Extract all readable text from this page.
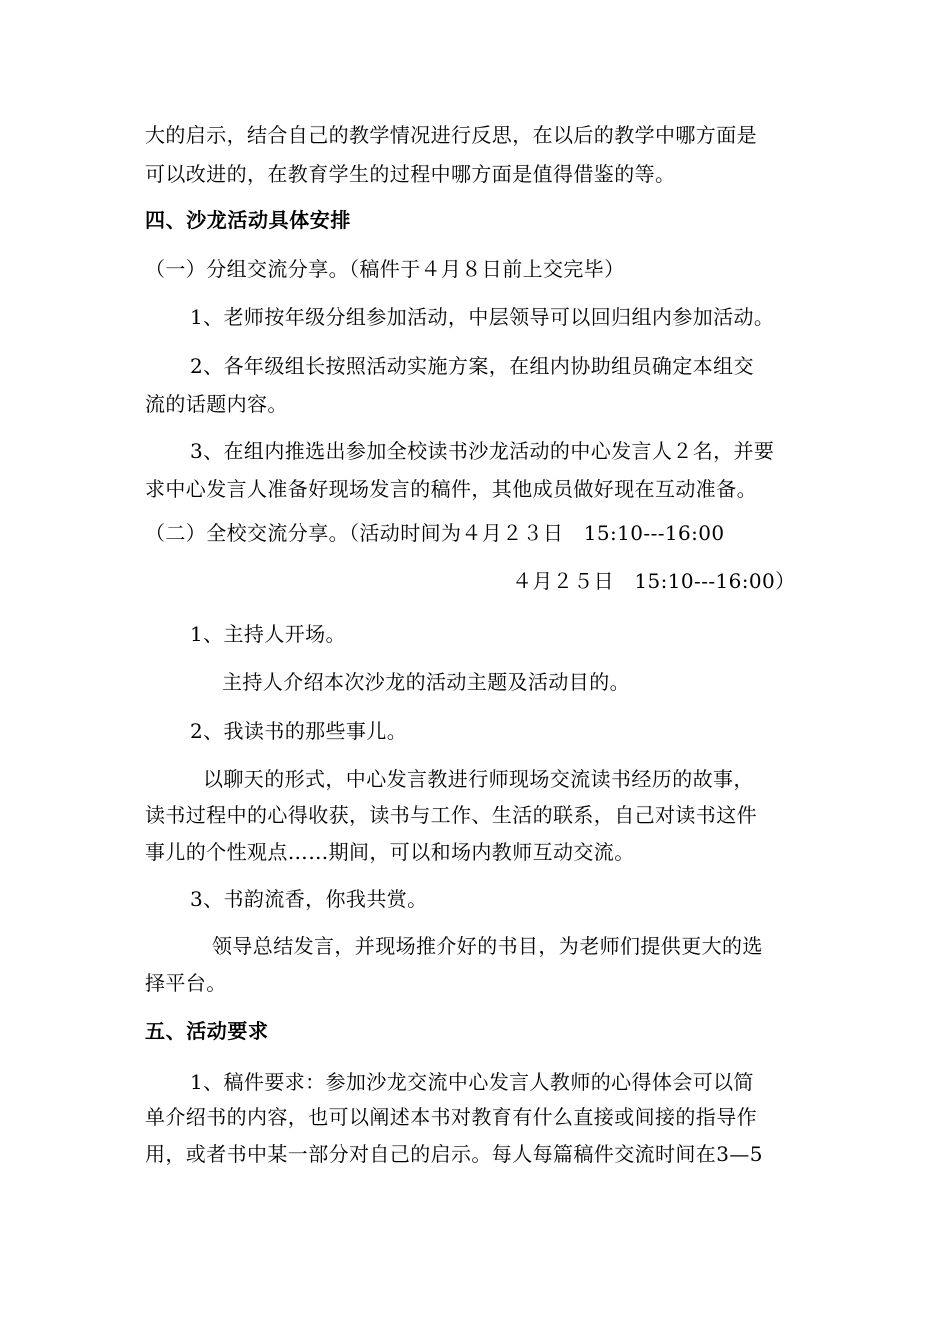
大的启示，结合自己的教学情况进行反思，在以后的教学中哪方面是
可以改进的，在教育学生的过程中哪方面是值得借鉴的等。
四、沙龙活动具体安排
（一）分组交流分享。（稿件于４月８日前上交完毕）
1、老师按年级分组参加活动，中层领导可以回归组内参加活动。
2、各年级组长按照活动实施方案，在组内协助组员确定本组交
流的话题内容。
3、在组内推选出参加全校读书沙龙活动的中心发言人２名，并要
求中心发言人准备好现场发言的稿件，其他成员做好现在互动准备。
（二）全校交流分享。（活动时间为４月２３日　15:10---16:00
４月２５日　15:10---16:00）
1、主持人开场。
主持人介绍本次沙龙的活动主题及活动目的。
2、我读书的那些事儿。
以聊天的形式，中心发言教进行师现场交流读书经历的故事，
读书过程中的心得收获，读书与工作、生活的联系，自己对读书这件
事儿的个性观点……期间，可以和场内教师互动交流。
3、书韵流香，你我共赏。
领导总结发言，并现场推介好的书目，为老师们提供更大的选
择平台。
五、活动要求
1、稿件要求：参加沙龙交流中心发言人教师的心得体会可以简
单介绍书的内容，也可以阐述本书对教育有什么直接或间接的指导作
用，或者书中某一部分对自己的启示。每人每篇稿件交流时间在3—5
